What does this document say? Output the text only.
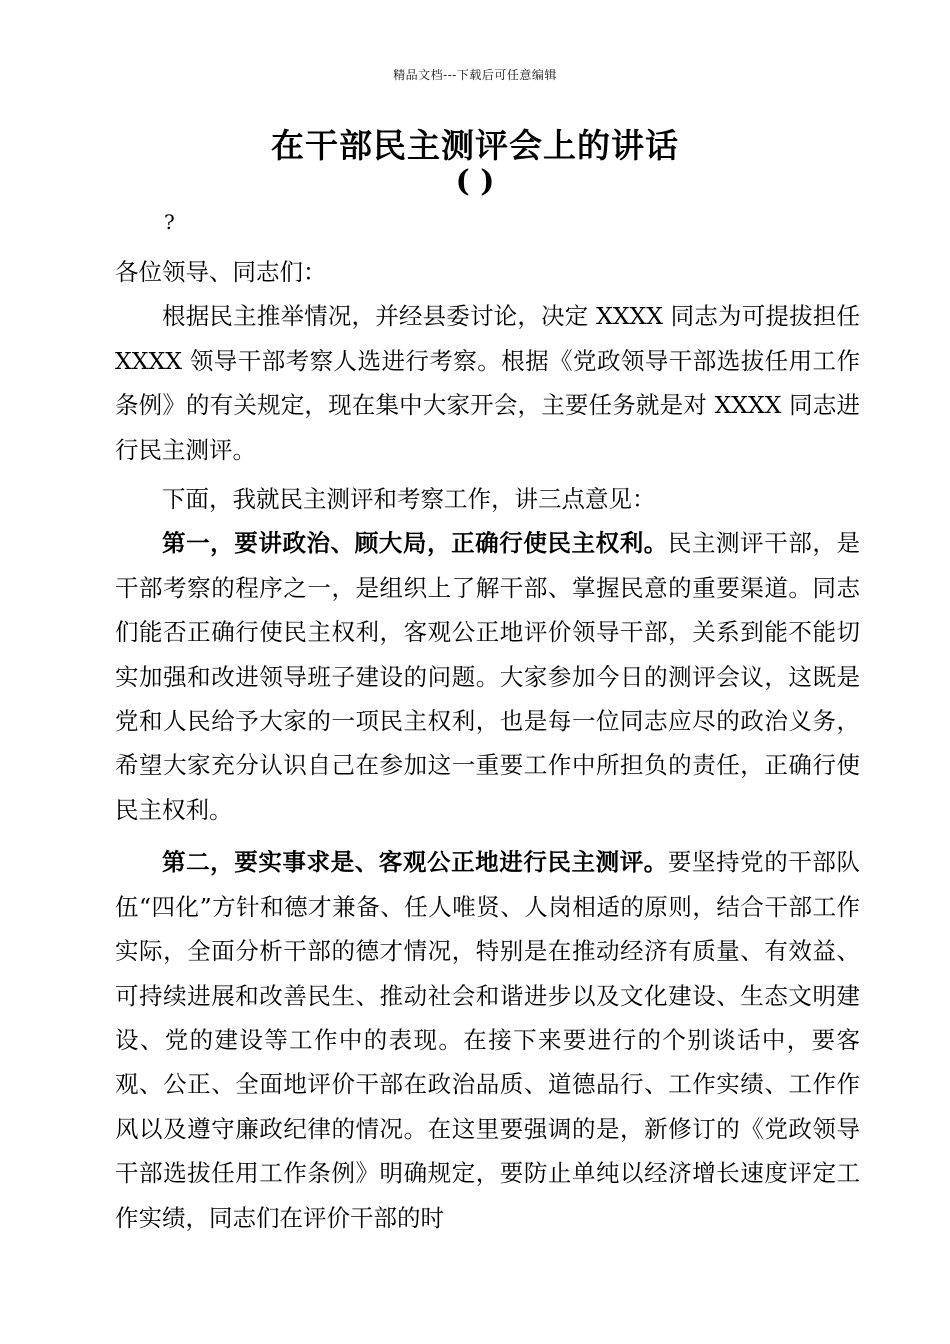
精品文档---下载后可任意编辑
在干部民主测评会上的讲话
( )
?

各位领导、同志们：

根据民主推举情况，并经县委讨论，决定 XXXX 同志为可提拔担任 XXXX 领导干部考察人选进行考察。根据《党政领导干部选拔任用工作条例》的有关规定，现在集中大家开会，主要任务就是对 XXXX 同志进行民主测评。

下面，我就民主测评和考察工作，讲三点意见：

第一，要讲政治、顾大局，正确行使民主权利。民主测评干部，是干部考察的程序之一，是组织上了解干部、掌握民意的重要渠道。同志们能否正确行使民主权利，客观公正地评价领导干部，关系到能不能切实加强和改进领导班子建设的问题。大家参加今日的测评会议，这既是党和人民给予大家的一项民主权利，也是每一位同志应尽的政治义务，希望大家充分认识自己在参加这一重要工作中所担负的责任，正确行使民主权利。

第二，要实事求是、客观公正地进行民主测评。要坚持党的干部队伍“四化”方针和德才兼备、任人唯贤、人岗相适的原则，结合干部工作实际，全面分析干部的德才情况，特别是在推动经济有质量、有效益、可持续进展和改善民生、推动社会和谐进步以及文化建设、生态文明建设、党的建设等工作中的表现。在接下来要进行的个别谈话中，要客观、公正、全面地评价干部在政治品质、道德品行、工作实绩、工作作风以及遵守廉政纪律的情况。在这里要强调的是，新修订的《党政领导干部选拔任用工作条例》明确规定，要防止单纯以经济增长速度评定工作实绩，同志们在评价干部的时
